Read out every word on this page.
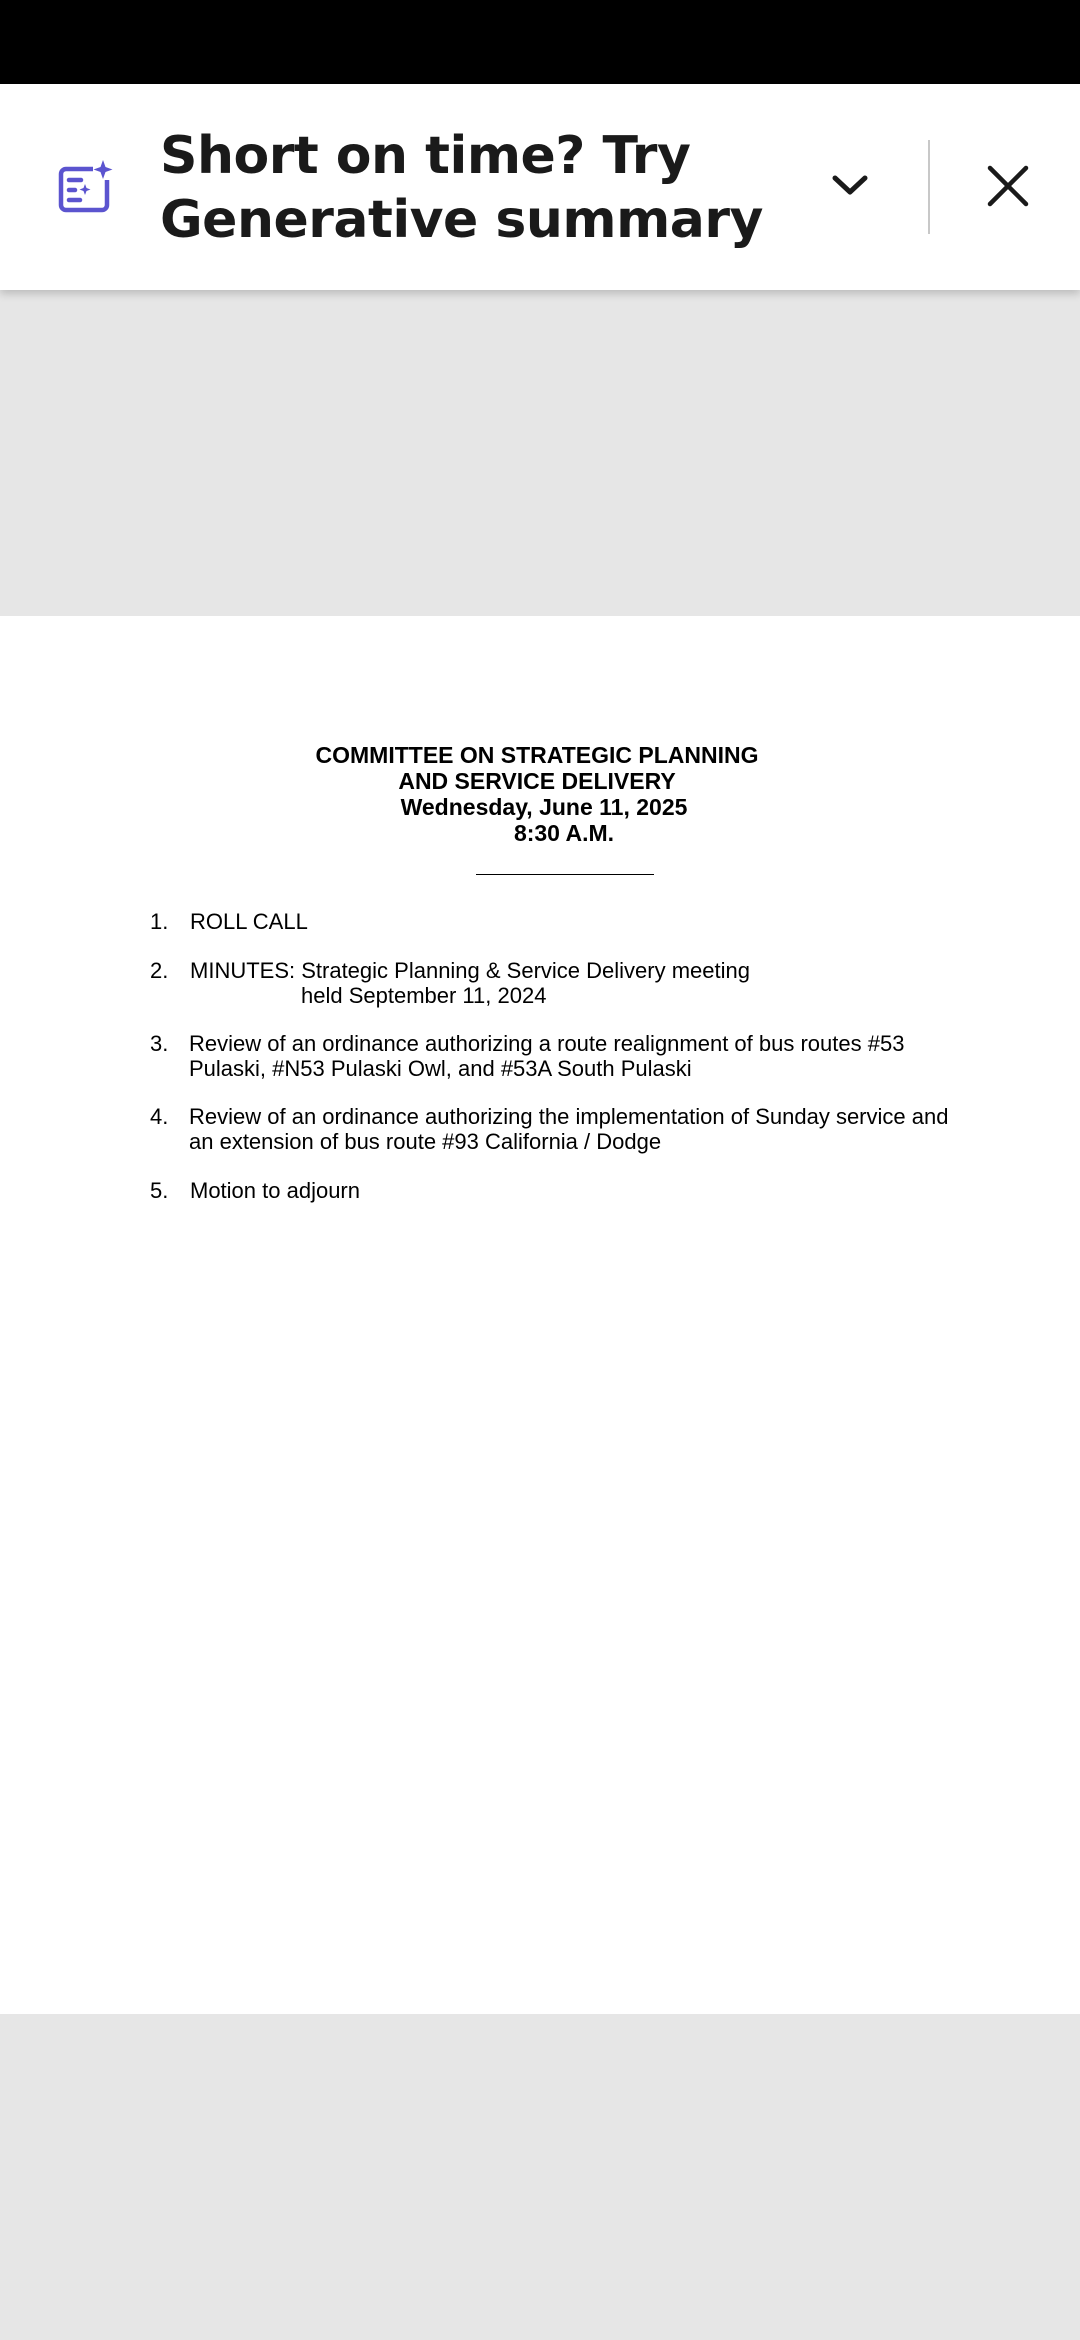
Short on time? Try
Generative summary
COMMITTEE ON STRATEGIC PLANNING
AND SERVICE DELIVERY
Wednesday, June 11, 2025
8:30 A.M.
1. ROLL CALL
2. MINUTES: Strategic Planning & Service Delivery meeting
held September 11, 2024
3. Review of an ordinance authorizing a route realignment of bus routes #53
Pulaski, #N53 Pulaski Owl, and #53A South Pulaski
4. Review of an ordinance authorizing the implementation of Sunday service and
an extension of bus route #93 California / Dodge
5. Motion to adjourn
